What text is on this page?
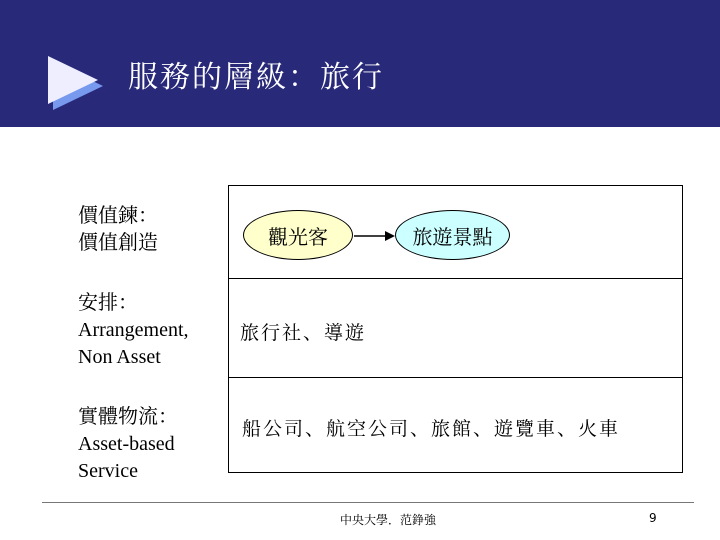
服務的層級：旅行
價值鍊：
價值創造
安排：
Arrangement,
Non Asset
實體物流：
Asset-based
Service
觀光客	旅遊景點
旅行社、導遊
船公司、航空公司、旅館、遊覽車、火車
中央大學．范錚強	9
